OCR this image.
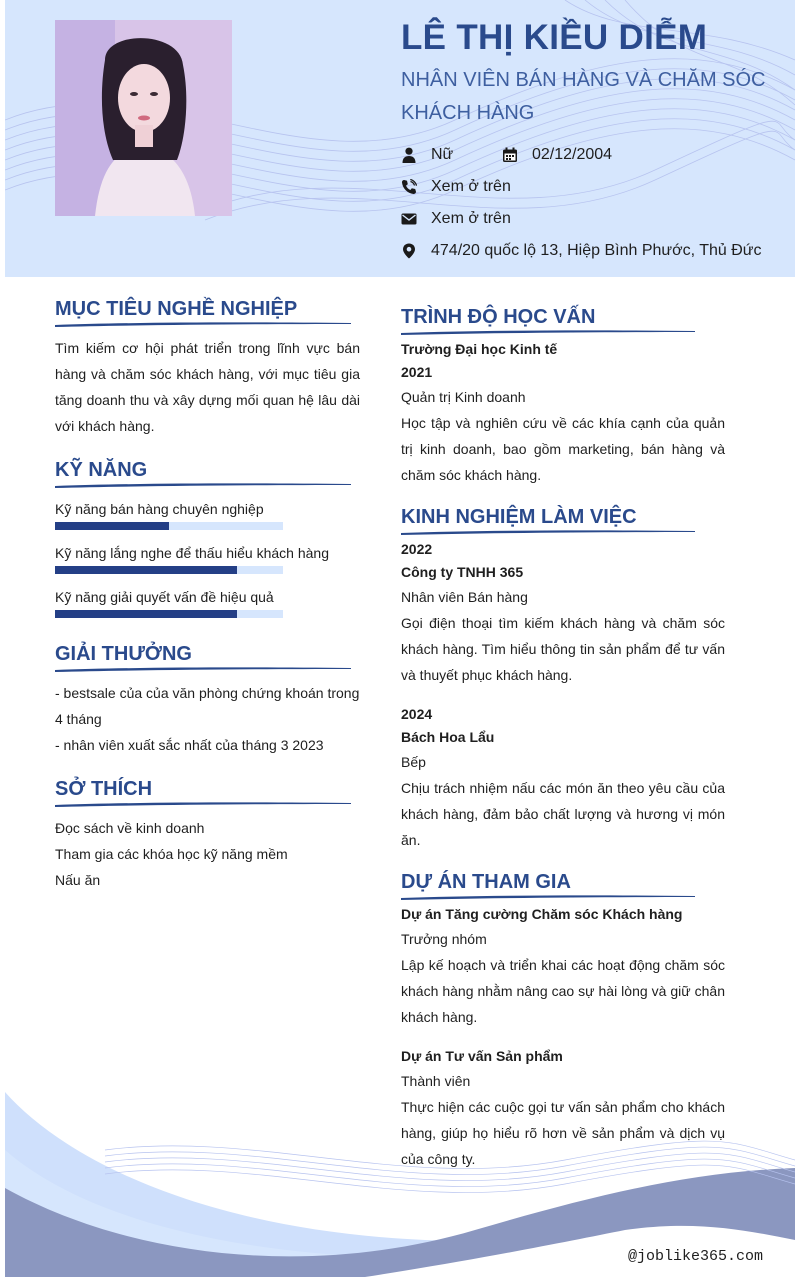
LÊ THỊ KIỀU DIỄM
NHÂN VIÊN BÁN HÀNG VÀ CHĂM SÓC KHÁCH HÀNG
Nữ	02/12/2004
Xem ở trên
Xem ở trên
474/20 quốc lộ 13, Hiệp Bình Phước, Thủ Đức
MỤC TIÊU NGHỀ NGHIỆP
Tìm kiếm cơ hội phát triển trong lĩnh vực bán hàng và chăm sóc khách hàng, với mục tiêu gia tăng doanh thu và xây dựng mối quan hệ lâu dài với khách hàng.
KỸ NĂNG
Kỹ năng bán hàng chuyên nghiệp
Kỹ năng lắng nghe để thấu hiểu khách hàng
Kỹ năng giải quyết vấn đề hiệu quả
GIẢI THƯỞNG
- bestsale của của văn phòng chứng khoán trong 4 tháng
- nhân viên xuất sắc nhất của tháng 3 2023
SỞ THÍCH
Đọc sách về kinh doanh
Tham gia các khóa học kỹ năng mềm
Nấu ăn
TRÌNH ĐỘ HỌC VẤN
Trường Đại học Kinh tế
2021
Quản trị Kinh doanh
Học tập và nghiên cứu về các khía cạnh của quản trị kinh doanh, bao gồm marketing, bán hàng và chăm sóc khách hàng.
KINH NGHIỆM LÀM VIỆC
2022
Công ty TNHH 365
Nhân viên Bán hàng
Gọi điện thoại tìm kiếm khách hàng và chăm sóc khách hàng. Tìm hiểu thông tin sản phẩm để tư vấn và thuyết phục khách hàng.
2024
Bách Hoa Lẩu
Bếp
Chịu trách nhiệm nấu các món ăn theo yêu cầu của khách hàng, đảm bảo chất lượng và hương vị món ăn.
DỰ ÁN THAM GIA
Dự án Tăng cường Chăm sóc Khách hàng
Trưởng nhóm
Lập kế hoạch và triển khai các hoạt động chăm sóc khách hàng nhằm nâng cao sự hài lòng và giữ chân khách hàng.
Dự án Tư vấn Sản phẩm
Thành viên
Thực hiện các cuộc gọi tư vấn sản phẩm cho khách hàng, giúp họ hiểu rõ hơn về sản phẩm và dịch vụ của công ty.
@joblike365.com
